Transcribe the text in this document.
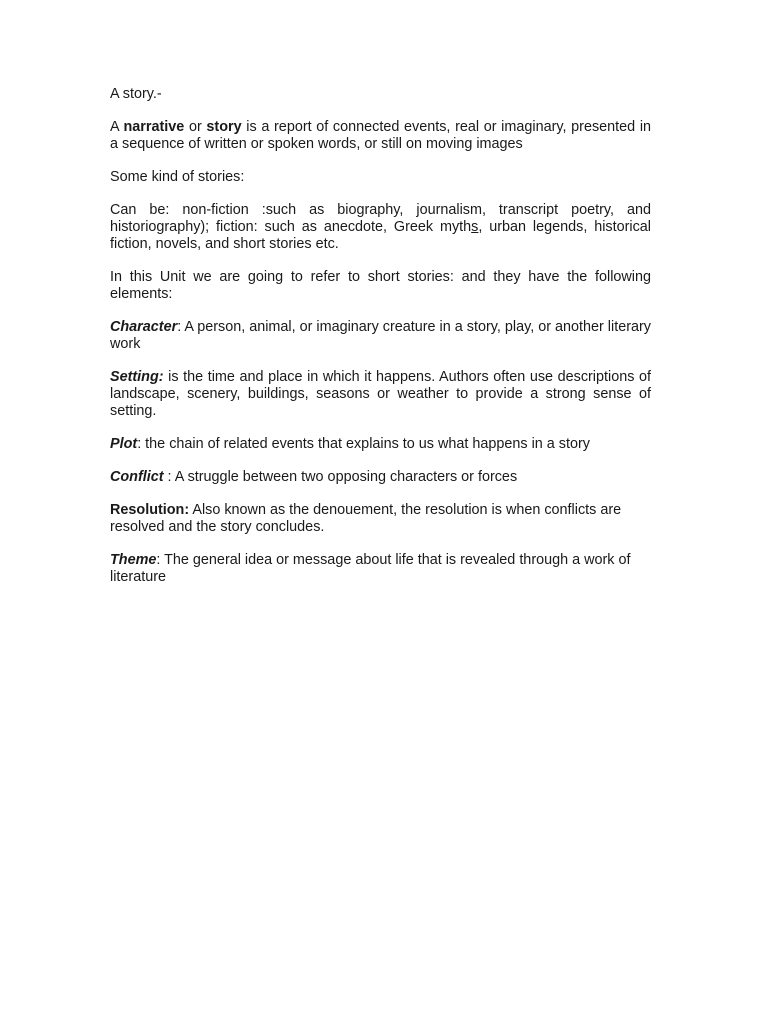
A story.-

A narrative or story is a report of connected events, real or imaginary, presented in a sequence of written or spoken words, or still on moving images

Some kind of stories:

Can be: non-fiction :such as biography, journalism, transcript poetry, and historiography); fiction: such as anecdote, Greek myths, urban legends, historical fiction, novels, and short stories etc.

In this Unit we are going to refer to short stories: and they have the following elements:

Character: A person, animal, or imaginary creature in a story, play, or another literary work

Setting: is the time and place in which it happens. Authors often use descriptions of landscape, scenery, buildings, seasons or weather to provide a strong sense of setting.

Plot: the chain of related events that explains to us what happens in a story

Conflict : A struggle between two opposing characters or forces

Resolution: Also known as the denouement, the resolution is when conflicts are resolved and the story concludes.

Theme: The general idea or message about life that is revealed through a work of literature
